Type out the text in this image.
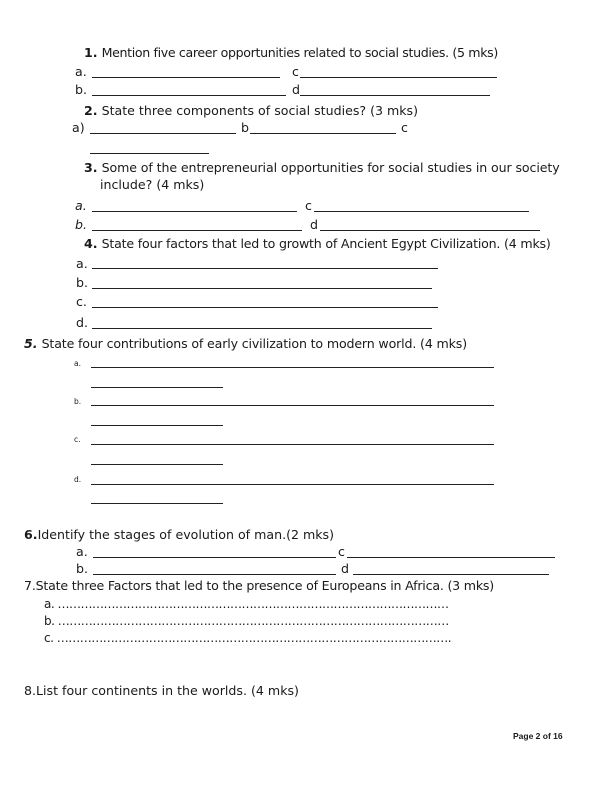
1. Mention five career opportunities related to social studies. (5 mks)
a.	c
b.	d
2. State three components of social studies? (3 mks)
a)	b	c
3. Some of the entrepreneurial opportunities for social studies in our society
include? (4 mks)
a.	c
b.	d
4. State four factors that led to growth of Ancient Egypt Civilization. (4 mks)
a.
b.
c.
d.
5. State four contributions of early civilization to modern world. (4 mks)
a.
b.
c.
d.
6.Identify the stages of evolution of man.(2 mks)
a.	c
b.	d
7.State three Factors that led to the presence of Europeans in Africa. (3 mks)
a. …………………………………………………………………………………………
b. …………………………………………………………………………………………
c. ………………………………………………………………………………………….
8.List four continents in the worlds. (4 mks)
Page 2 of 16
